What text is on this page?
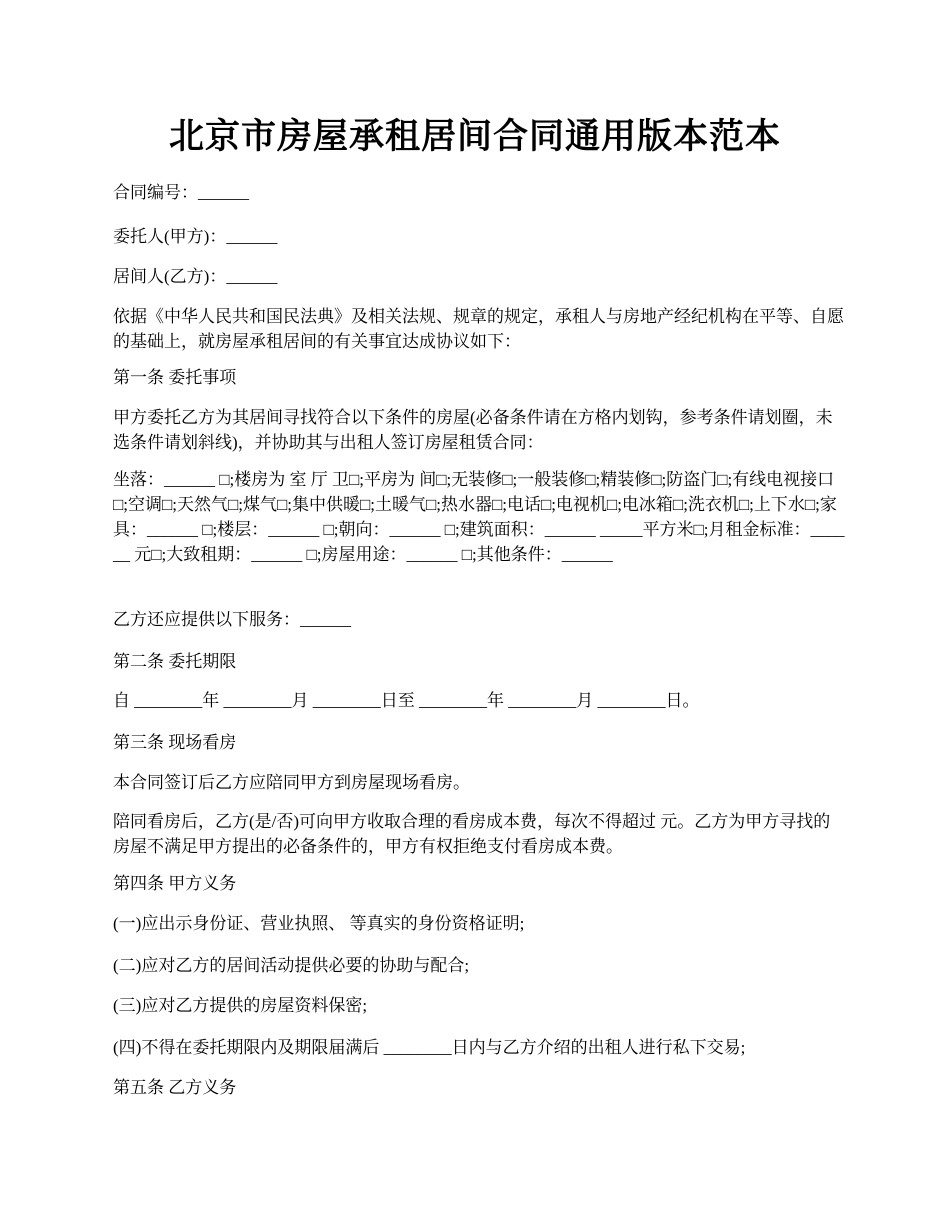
北京市房屋承租居间合同通用版本范本

合同编号：______

委托人(甲方)：______

居间人(乙方)：______

依据《中华人民共和国民法典》及相关法规、规章的规定，承租人与房地产经纪机构在平等、自愿的基础上，就房屋承租居间的有关事宜达成协议如下：

第一条 委托事项

甲方委托乙方为其居间寻找符合以下条件的房屋(必备条件请在方格内划钩，参考条件请划圈，未选条件请划斜线)，并协助其与出租人签订房屋租赁合同：

坐落：______ □;楼房为 室 厅 卫□;平房为 间□;无装修□;一般装修□;精装修□;防盗门□;有线电视接口□;空调□;天然气□;煤气□;集中供暖□;土暖气□;热水器□;电话□;电视机□;电冰箱□;洗衣机□;上下水□;家具：______ □;楼层：______ □;朝向：______ □;建筑面积：______ _____平方米□;月租金标准：______ 元□;大致租期：______ □;房屋用途：______ □;其他条件：______

乙方还应提供以下服务：______

第二条 委托期限

自 ________年 ________月 ________日至 ________年 ________月 ________日。

第三条 现场看房

本合同签订后乙方应陪同甲方到房屋现场看房。

陪同看房后，乙方(是/否)可向甲方收取合理的看房成本费，每次不得超过 元。乙方为甲方寻找的房屋不满足甲方提出的必备条件的，甲方有权拒绝支付看房成本费。

第四条 甲方义务

(一)应出示身份证、营业执照、 等真实的身份资格证明;

(二)应对乙方的居间活动提供必要的协助与配合;

(三)应对乙方提供的房屋资料保密;

(四)不得在委托期限内及期限届满后 ________日内与乙方介绍的出租人进行私下交易;

第五条 乙方义务
